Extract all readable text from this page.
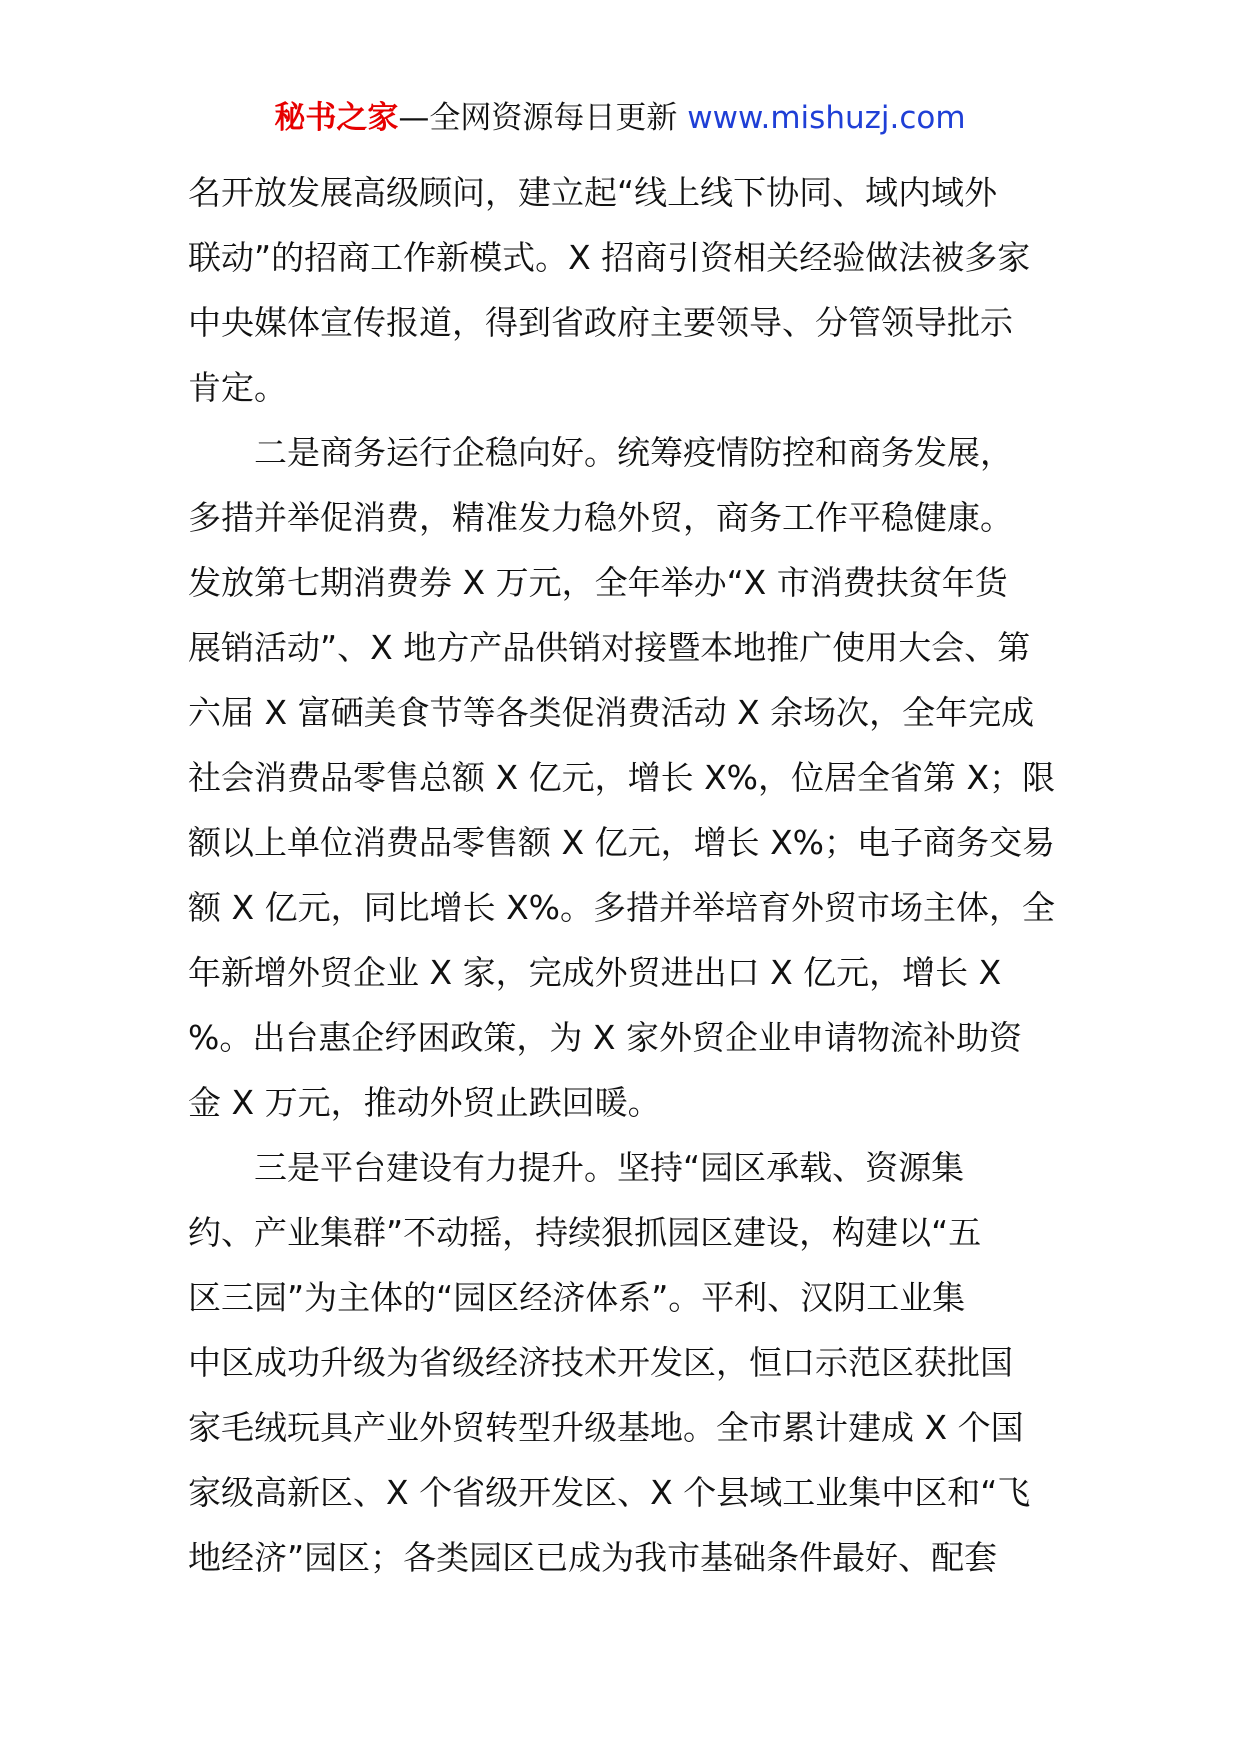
秘书之家—全网资源每日更新 www.mishuzj.com
名开放发展高级顾问，建立起“线上线下协同、域内域外
联动”的招商工作新模式。X 招商引资相关经验做法被多家
中央媒体宣传报道，得到省政府主要领导、分管领导批示
肯定。
　　二是商务运行企稳向好。统筹疫情防控和商务发展，
多措并举促消费，精准发力稳外贸，商务工作平稳健康。
发放第七期消费券 X 万元，全年举办“X 市消费扶贫年货
展销活动”、X 地方产品供销对接暨本地推广使用大会、第
六届 X 富硒美食节等各类促消费活动 X 余场次，全年完成
社会消费品零售总额 X 亿元，增长 X%，位居全省第 X；限
额以上单位消费品零售额 X 亿元，增长 X%；电子商务交易
额 X 亿元，同比增长 X%。多措并举培育外贸市场主体，全
年新增外贸企业 X 家，完成外贸进出口 X 亿元，增长 X
%。出台惠企纾困政策，为 X 家外贸企业申请物流补助资
金 X 万元，推动外贸止跌回暖。
　　三是平台建设有力提升。坚持“园区承载、资源集
约、产业集群”不动摇，持续狠抓园区建设，构建以“五
区三园”为主体的“园区经济体系”。平利、汉阴工业集
中区成功升级为省级经济技术开发区，恒口示范区获批国
家毛绒玩具产业外贸转型升级基地。全市累计建成 X 个国
家级高新区、X 个省级开发区、X 个县域工业集中区和“飞
地经济”园区；各类园区已成为我市基础条件最好、配套
